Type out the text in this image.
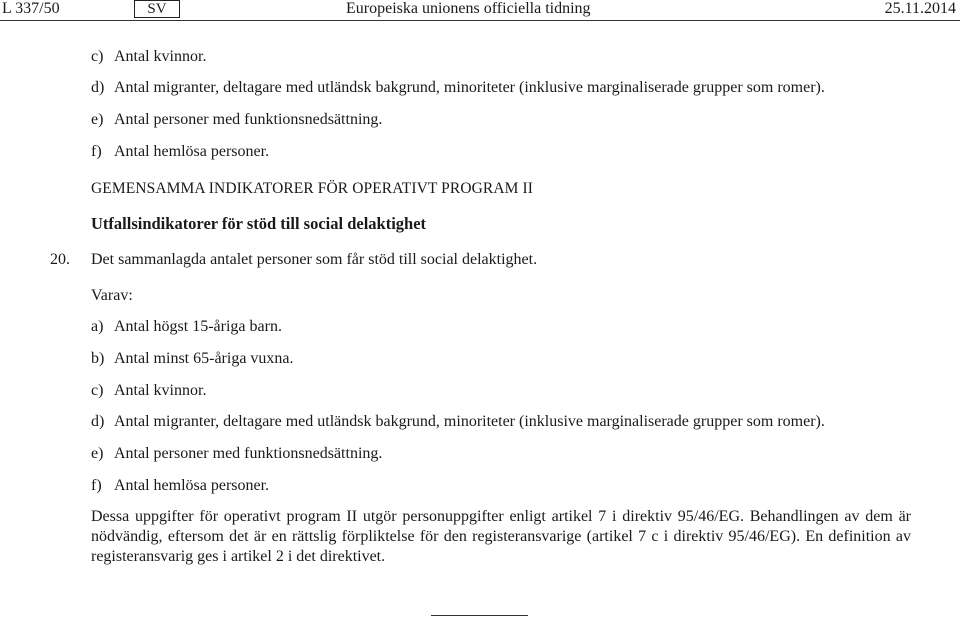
L 337/50	SV	Europeiska unionens officiella tidning	25.11.2014
c) Antal kvinnor.
d) Antal migranter, deltagare med utländsk bakgrund, minoriteter (inklusive marginaliserade grupper som romer).
e) Antal personer med funktionsnedsättning.
f) Antal hemlösa personer.
GEMENSAMMA INDIKATORER FÖR OPERATIVT PROGRAM II
Utfallsindikatorer för stöd till social delaktighet
20. Det sammanlagda antalet personer som får stöd till social delaktighet.
Varav:
a) Antal högst 15-åriga barn.
b) Antal minst 65-åriga vuxna.
c) Antal kvinnor.
d) Antal migranter, deltagare med utländsk bakgrund, minoriteter (inklusive marginaliserade grupper som romer).
e) Antal personer med funktionsnedsättning.
f) Antal hemlösa personer.
Dessa uppgifter för operativt program II utgör personuppgifter enligt artikel 7 i direktiv 95/46/EG. Behandlingen av dem är nödvändig, eftersom det är en rättslig förpliktelse för den registeransvarige (artikel 7 c i direktiv 95/46/EG). En definition av registeransvarig ges i artikel 2 i det direktivet.
